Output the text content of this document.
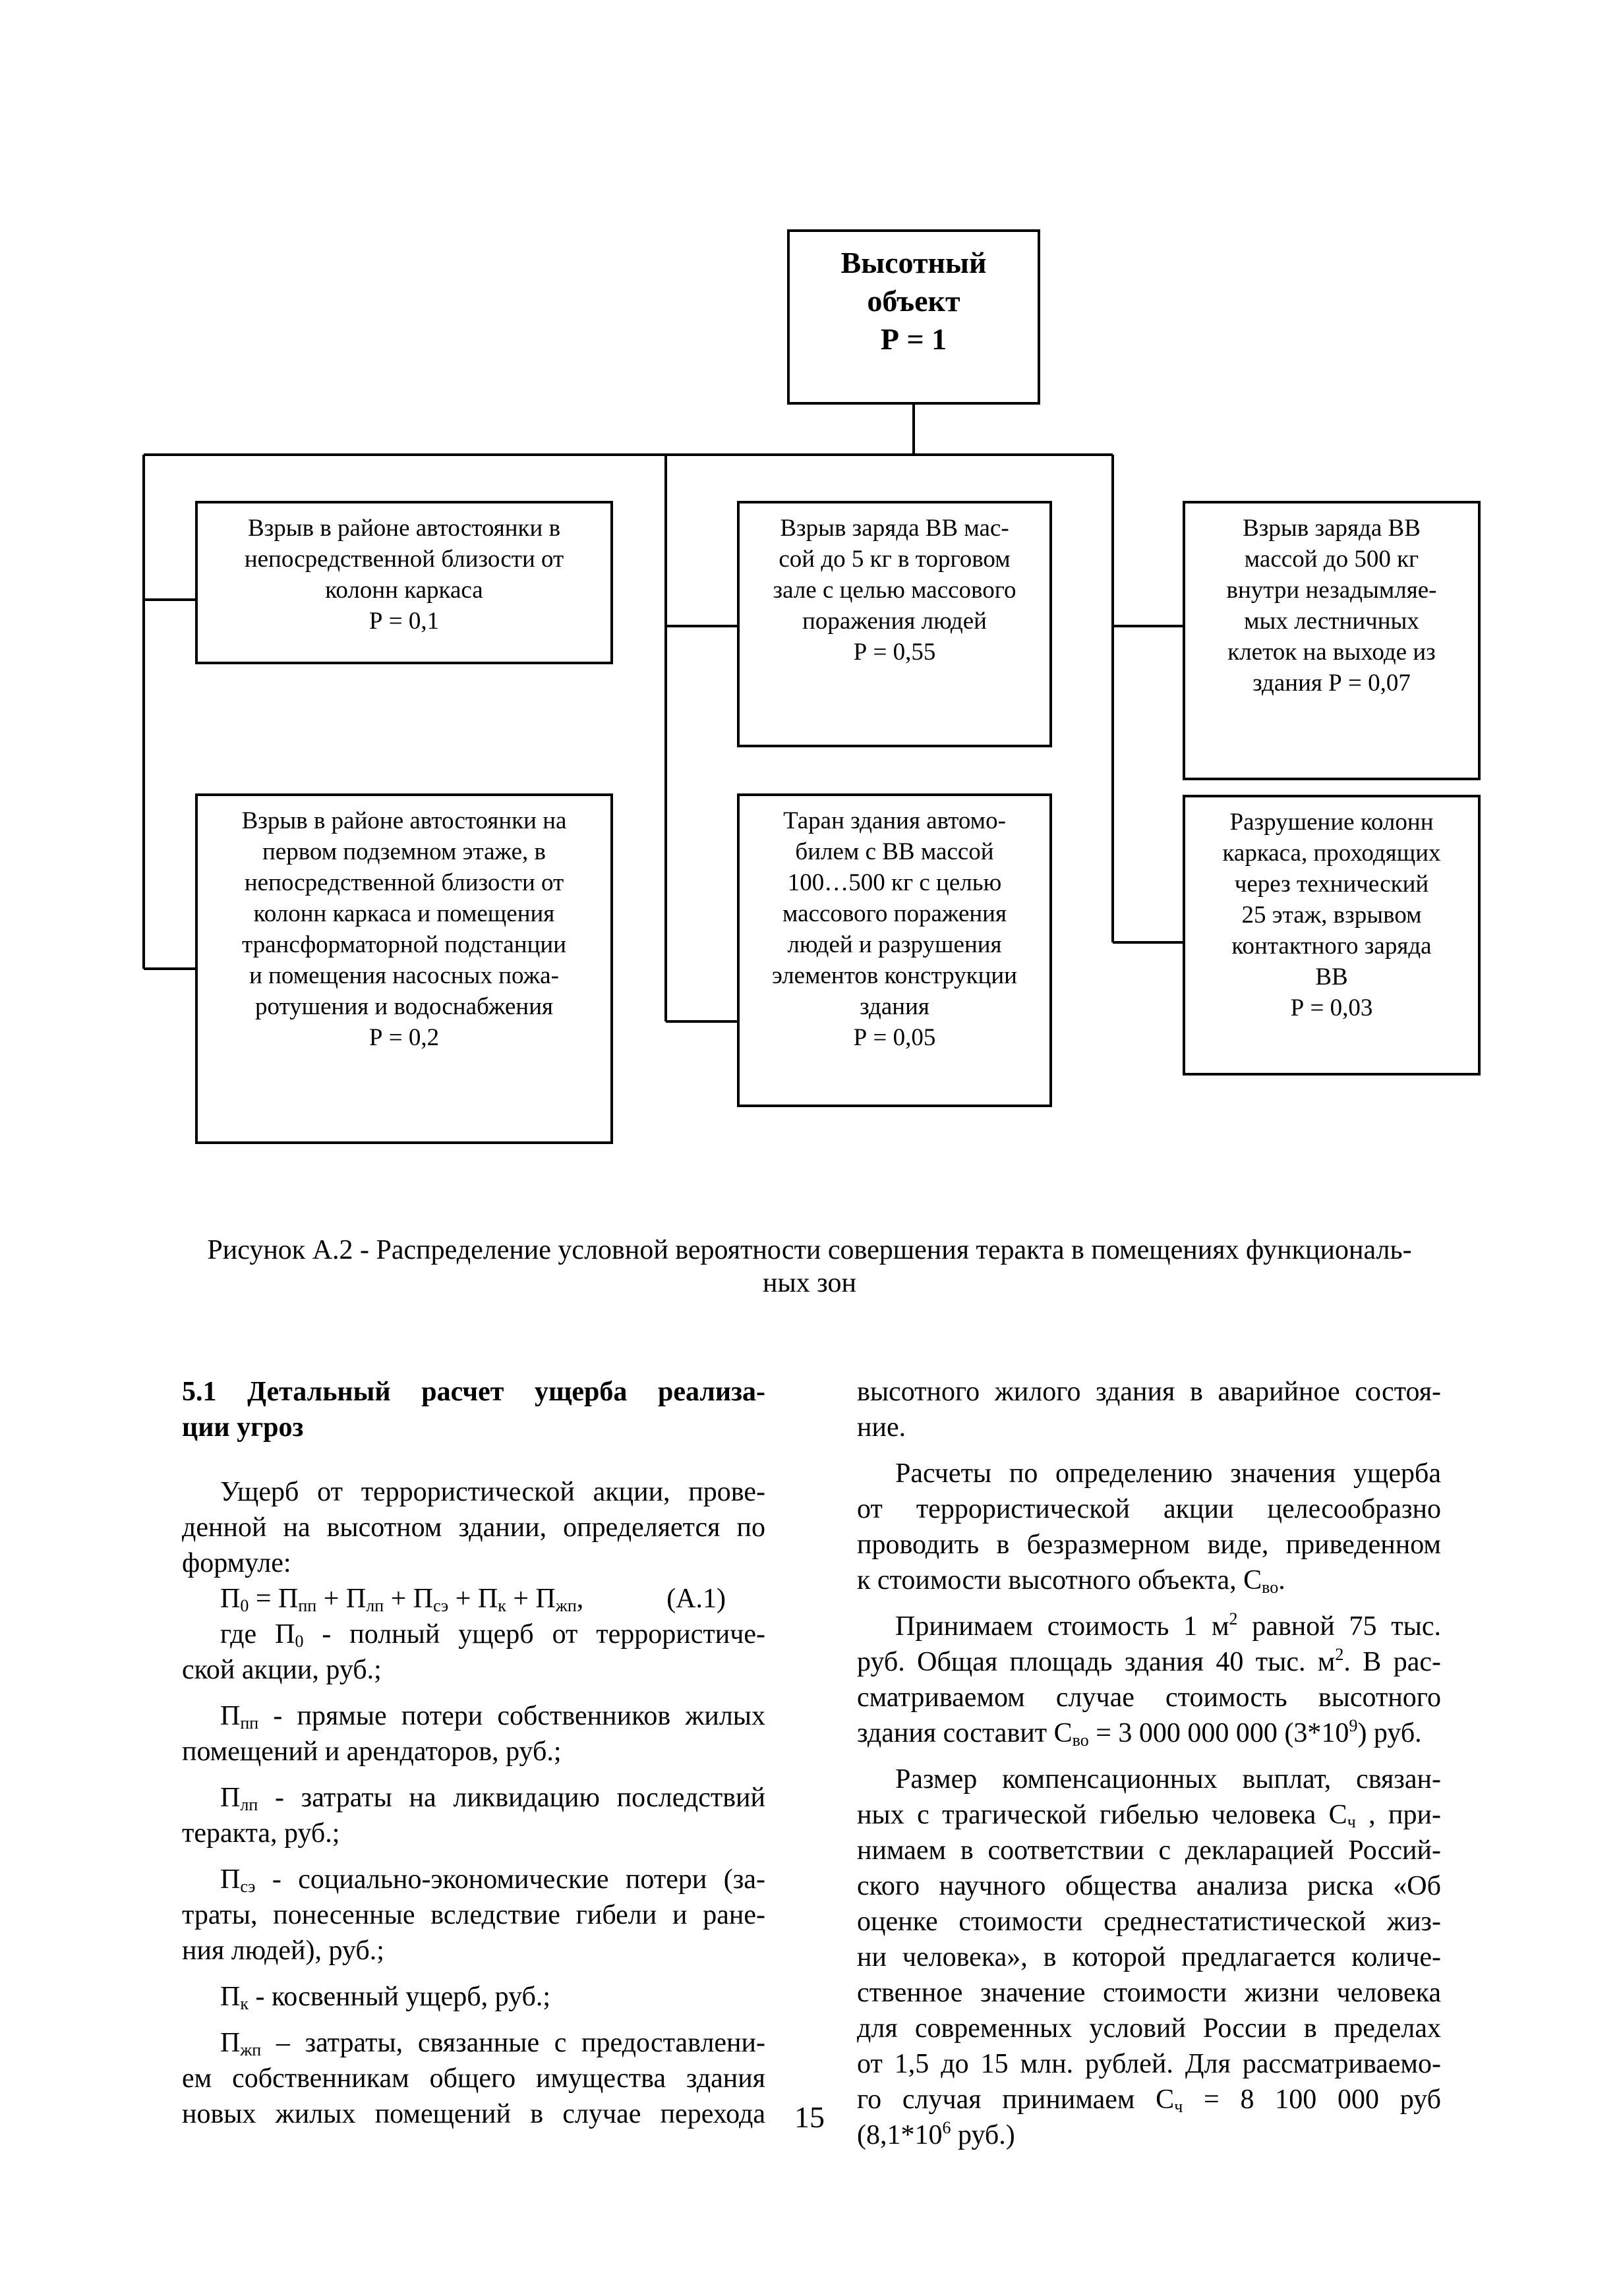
Высотный
объект
Р = 1
Взрыв в районе автостоянки в
непосредственной близости от
колонн каркаса
Р = 0,1
Взрыв в районе автостоянки на
первом подземном этаже, в
непосредственной близости от
колонн каркаса и помещения
трансформаторной подстанции
и помещения насосных пожа-
ротушения и водоснабжения
Р = 0,2
Взрыв заряда ВВ мас-
сой до 5 кг в торговом
зале с целью массового
поражения людей
Р = 0,55
Таран здания автомо-
билем с ВВ массой
100…500 кг с целью
массового поражения
людей и разрушения
элементов конструкции
здания
Р = 0,05
Взрыв заряда ВВ
массой до 500 кг
внутри незадымляе-
мых лестничных
клеток на выходе из
здания Р = 0,07
Разрушение колонн
каркаса, проходящих
через технический
25 этаж, взрывом
контактного заряда
ВВ
Р = 0,03
Рисунок А.2 - Распределение условной вероятности совершения теракта в помещениях функциональ-
ных зон

5.1 Детальный расчет ущерба реализа-

ции угроз

Ущерб от террористической акции, прове-

денной на высотном здании, определяется по

формуле:

$П_0 = П_{пп} + П_{лп} + П_{сэ} + П_к + П_{жп}$,	(А.1)

где $П_0$ - полный ущерб от террористиче-

ской акции, руб.;

$П_{пп}$ - прямые потери собственников жилых

помещений и арендаторов, руб.;

$П_{лп}$ - затраты на ликвидацию последствий

теракта, руб.;

$П_{сэ}$ - социально-экономические потери (за-

траты, понесенные вследствие гибели и ране-

ния людей), руб.;

$П_к$ - косвенный ущерб, руб.;

$П_{жп}$ – затраты, связанные с предоставлени-

ем собственникам общего имущества здания

новых жилых помещений в случае перехода

высотного жилого здания в аварийное состоя-

ние.

Расчеты по определению значения ущерба

от террористической акции целесообразно

проводить в безразмерном виде, приведенном

к стоимости высотного объекта, $С_{во}$.

Принимаем стоимость 1 $м^2$ равной 75 тыс.

руб. Общая площадь здания 40 тыс. $м^2$. В рас-

сматриваемом случае стоимость высотного

здания составит $С_{во} = 3$ 000 000 000 $(3*10^9)$ руб.

Размер компенсационных выплат, связан-

ных с трагической гибелью человека $С_ч$ , при-

нимаем в соответствии с декларацией Россий-

ского научного общества анализа риска «Об

оценке стоимости среднестатистической жиз-

ни человека», в которой предлагается количе-

ственное значение стоимости жизни человека

для современных условий России в пределах

от 1,5 до 15 млн. рублей. Для рассматриваемо-

го случая принимаем $С_ч = 8$ 100 000 руб

($8,1*10^6$ руб.)

15
